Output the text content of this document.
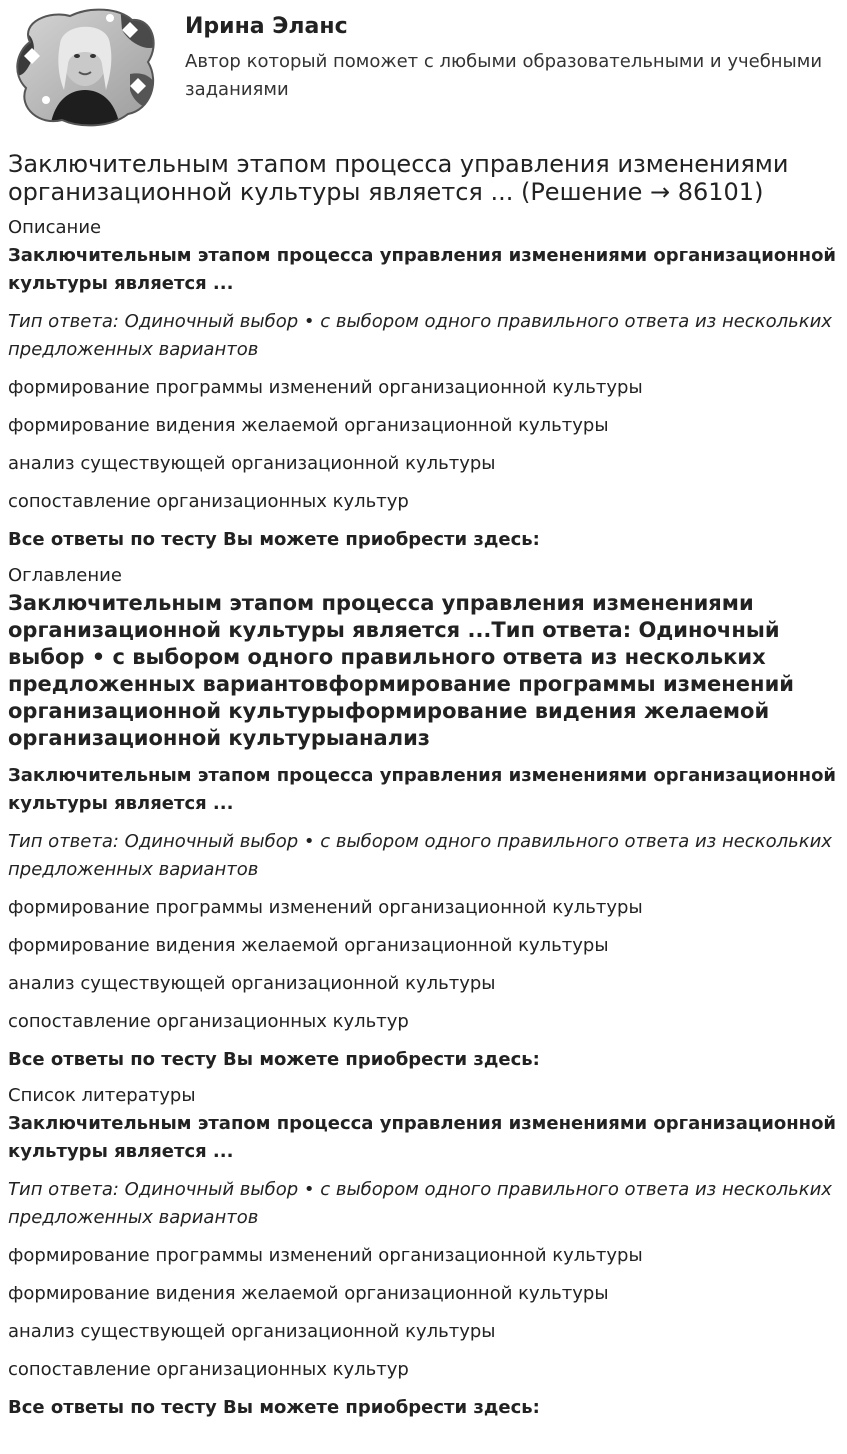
Ирина Эланс
Автор который поможет с любыми образовательными и учебными заданиями
Заключительным этапом процесса управления изменениями организационной культуры является ... (Решение → 86101)
Описание
Заключительным этапом процесса управления изменениями организационной культуры является ...
Тип ответа: Одиночный выбор • с выбором одного правильного ответа из нескольких предложенных вариантов
формирование программы изменений организационной культуры
формирование видения желаемой организационной культуры
анализ существующей организационной культуры
сопоставление организационных культур
Все ответы по тесту Вы можете приобрести здесь:
Оглавление
Заключительным этапом процесса управления изменениями организационной культуры является ...Тип ответа: Одиночный выбор • с выбором одного правильного ответа из нескольких предложенных вариантовформирование программы изменений организационной культурыформирование видения желаемой организационной культурыанализ
Заключительным этапом процесса управления изменениями организационной культуры является ...
Тип ответа: Одиночный выбор • с выбором одного правильного ответа из нескольких предложенных вариантов
формирование программы изменений организационной культуры
формирование видения желаемой организационной культуры
анализ существующей организационной культуры
сопоставление организационных культур
Все ответы по тесту Вы можете приобрести здесь:
Список литературы
Заключительным этапом процесса управления изменениями организационной культуры является ...
Тип ответа: Одиночный выбор • с выбором одного правильного ответа из нескольких предложенных вариантов
формирование программы изменений организационной культуры
формирование видения желаемой организационной культуры
анализ существующей организационной культуры
сопоставление организационных культур
Все ответы по тесту Вы можете приобрести здесь:
